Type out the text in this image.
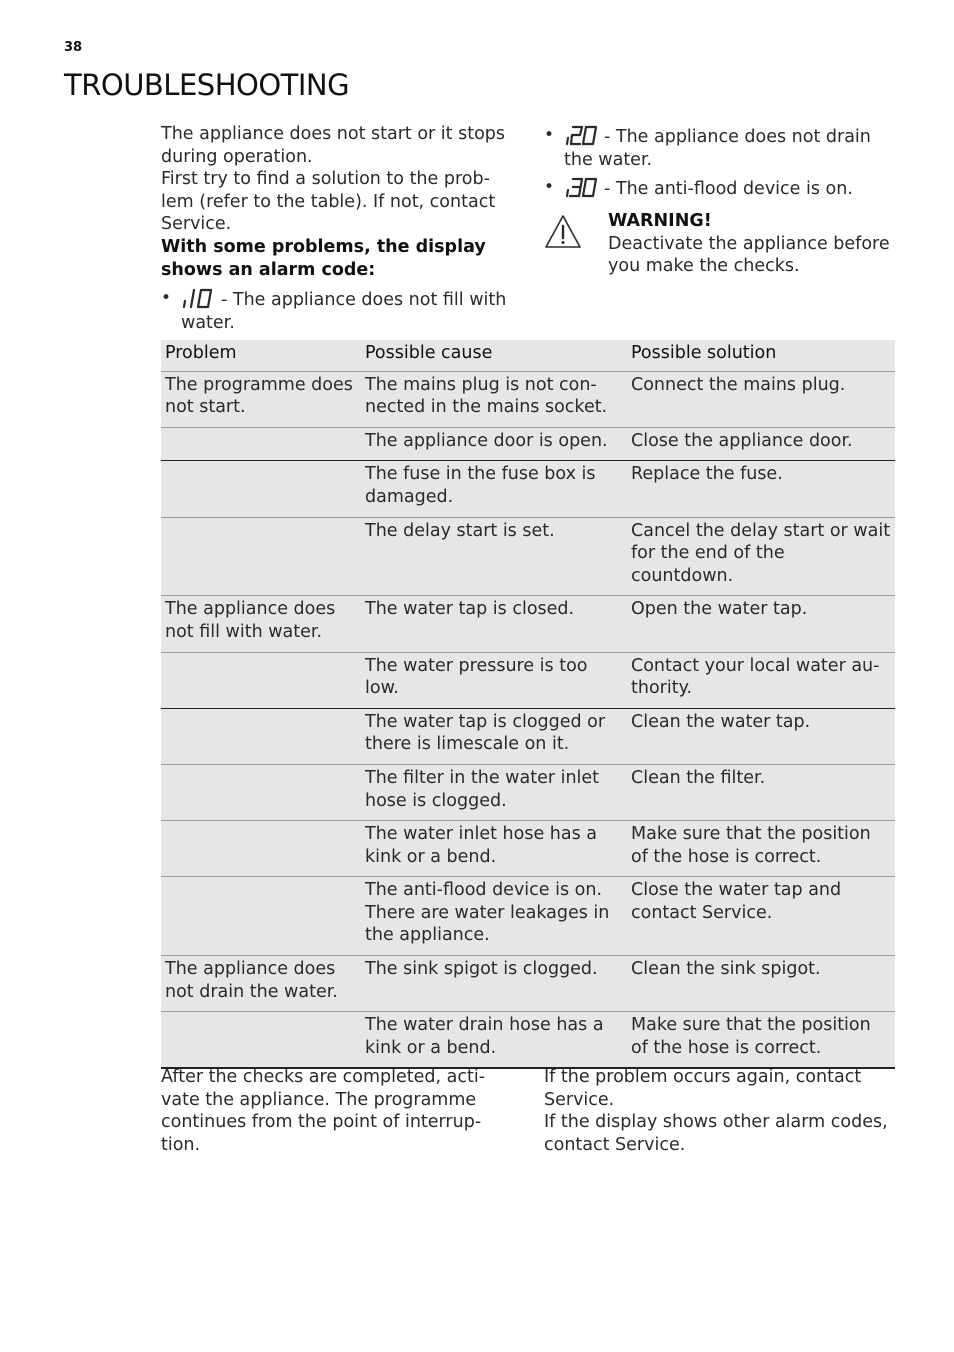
38
TROUBLESHOOTING

The appliance does not start or it stops during operation.

First try to find a solution to the prob-

lem (refer to the table). If not, contact Service.

With some problems, the display

shows an alarm code:

•	- The appliance does not fill with water.
•	- The appliance does not drain the water.
•	- The anti-flood device is on.
WARNING!
Deactivate the appliance before you make the checks.
Problem	Possible cause	Possible solution
The programme does not start.	The mains plug is not con- nected in the mains socket.	Connect the mains plug.
	The appliance door is open.	Close the appliance door.
	The fuse in the fuse box is damaged.	Replace the fuse.
	The delay start is set.	Cancel the delay start or wait for the end of the countdown.
The appliance does not fill with water.	The water tap is closed.	Open the water tap.
	The water pressure is too low.	Contact your local water au- thority.
	The water tap is clogged or there is limescale on it.	Clean the water tap.
	The filter in the water inlet hose is clogged.	Clean the filter.
	The water inlet hose has a kink or a bend.	Make sure that the position of the hose is correct.
	The anti-flood device is on. There are water leakages in the appliance.	Close the water tap and contact Service.
The appliance does not drain the water.	The sink spigot is clogged.	Clean the sink spigot.
	The water drain hose has a kink or a bend.	Make sure that the position of the hose is correct.

After the checks are completed, acti- vate the appliance. The programme continues from the point of interrup- tion.

If the problem occurs again, contact Service.

If the display shows other alarm codes, contact Service.
